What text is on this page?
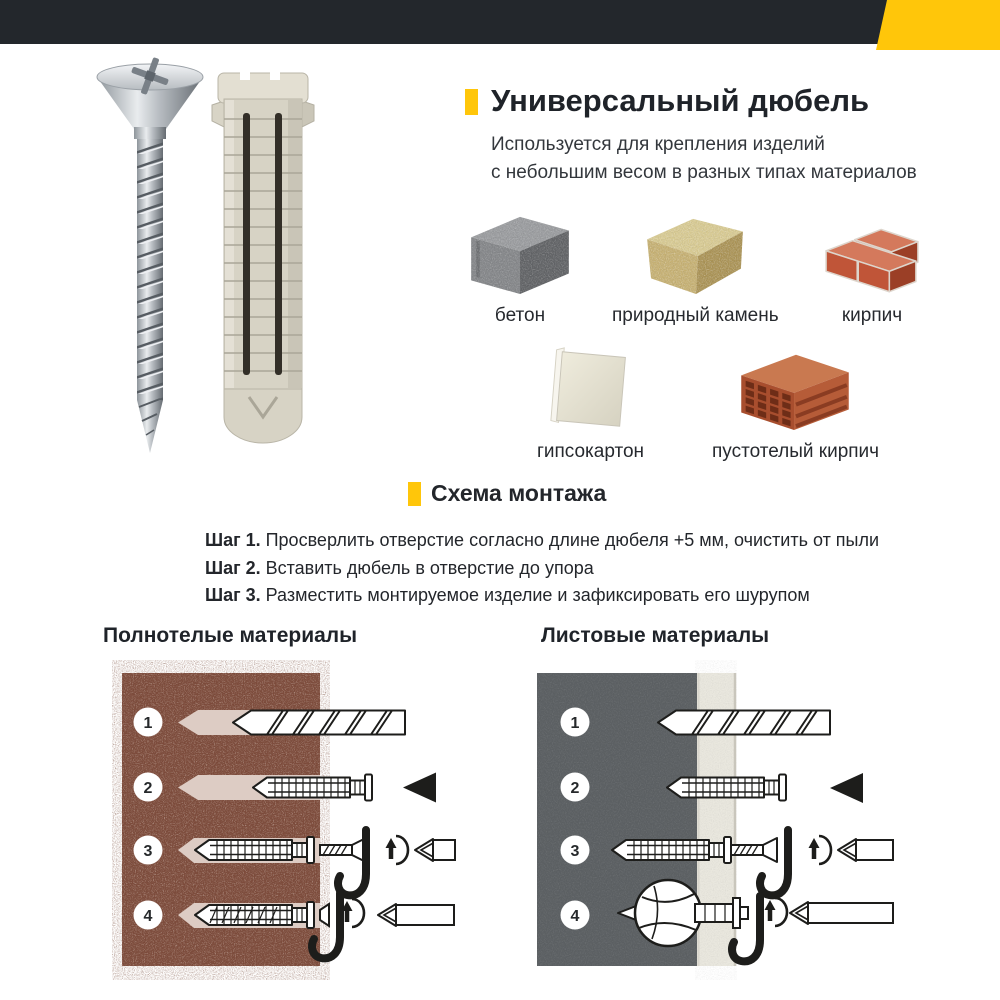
Универсальный дюбель
Используется для крепления изделий
с небольшим весом в разных типах материалов
бетон	природный камень	кирпич
гипсокартон	пустотелый кирпич
Схема монтажа
Шаг 1. Просверлить отверстие согласно длине дюбеля +5 мм, очистить от пыли
Шаг 2. Вставить дюбель в отверстие до упора
Шаг 3. Разместить монтируемое изделие и зафиксировать его шурупом
Полнотелые материалы	Листовые материалы
1
2
3
4
1
2
3
4
